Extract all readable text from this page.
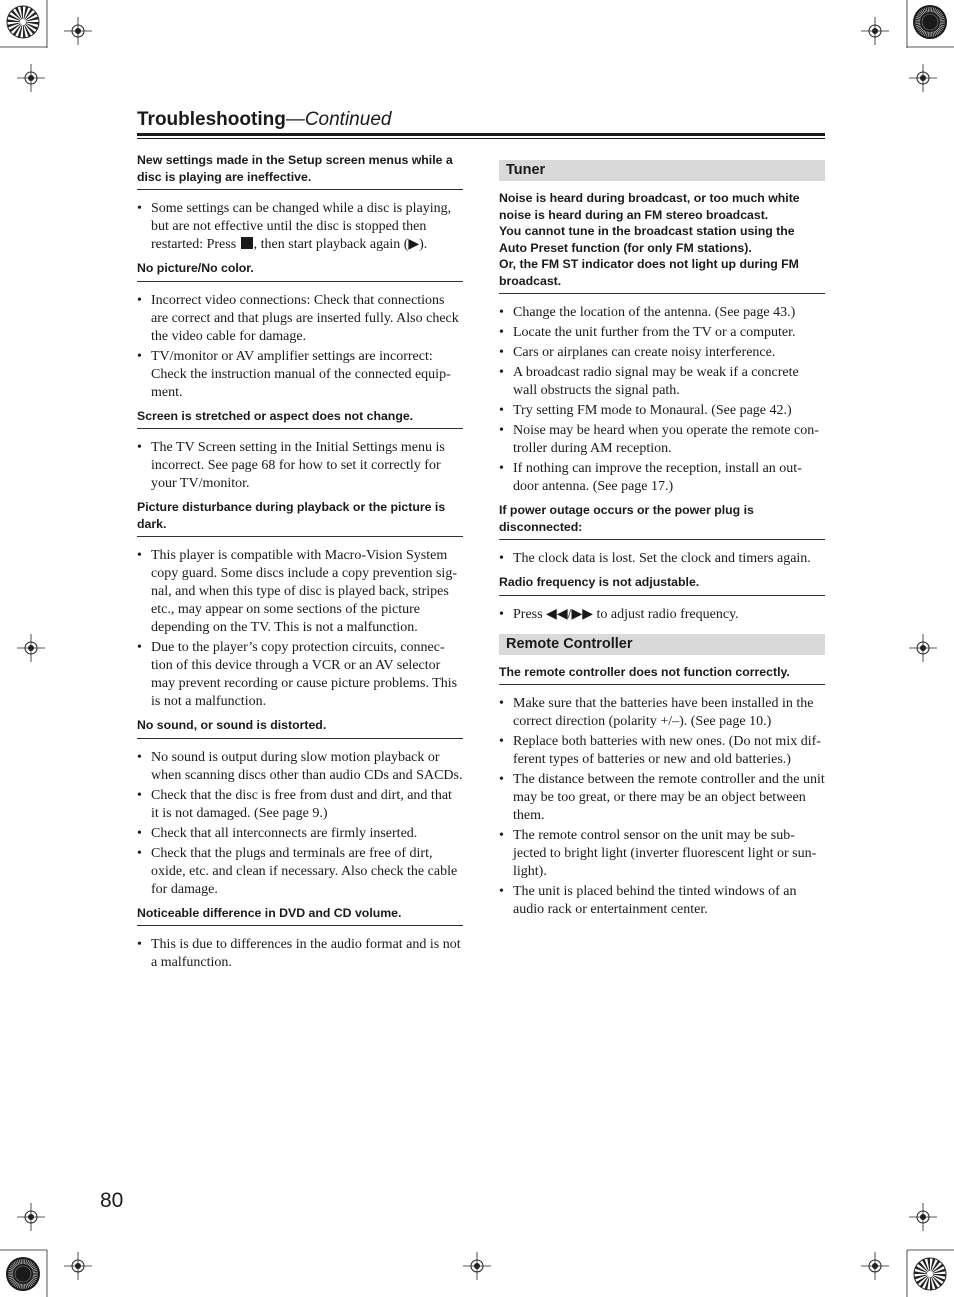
Troubleshooting—Continued
New settings made in the Setup screen menus while a disc is playing are ineffective.
• Some settings can be changed while a disc is playing, but are not effective until the disc is stopped then restarted: Press , then start playback again (▶).
No picture/No color.
• Incorrect video connections: Check that connections are correct and that plugs are inserted fully. Also check the video cable for damage.
• TV/monitor or AV amplifier settings are incorrect: Check the instruction manual of the connected equip-ment.
Screen is stretched or aspect does not change.
• The TV Screen setting in the Initial Settings menu is incorrect. See page 68 for how to set it correctly for your TV/monitor.
Picture disturbance during playback or the picture is dark.
• This player is compatible with Macro-Vision System copy guard. Some discs include a copy prevention sig-nal, and when this type of disc is played back, stripes etc., may appear on some sections of the picture depending on the TV. This is not a malfunction.
• Due to the player’s copy protection circuits, connec-tion of this device through a VCR or an AV selector may prevent recording or cause picture problems. This is not a malfunction.
No sound, or sound is distorted.
• No sound is output during slow motion playback or when scanning discs other than audio CDs and SACDs.
• Check that the disc is free from dust and dirt, and that it is not damaged. (See page 9.)
• Check that all interconnects are firmly inserted.
• Check that the plugs and terminals are free of dirt, oxide, etc. and clean if necessary. Also check the cable for damage.
Noticeable difference in DVD and CD volume.
• This is due to differences in the audio format and is not a malfunction.
Tuner
Noise is heard during broadcast, or too much white noise is heard during an FM stereo broadcast.
You cannot tune in the broadcast station using the Auto Preset function (for only FM stations).
Or, the FM ST indicator does not light up during FM broadcast.
• Change the location of the antenna. (See page 43.)
• Locate the unit further from the TV or a computer.
• Cars or airplanes can create noisy interference.
• A broadcast radio signal may be weak if a concrete wall obstructs the signal path.
• Try setting FM mode to Monaural. (See page 42.)
• Noise may be heard when you operate the remote con-troller during AM reception.
• If nothing can improve the reception, install an out-door antenna. (See page 17.)
If power outage occurs or the power plug is disconnected:
• The clock data is lost. Set the clock and timers again.
Radio frequency is not adjustable.
• Press ◀◀/▶▶ to adjust radio frequency.
Remote Controller
The remote controller does not function correctly.
• Make sure that the batteries have been installed in the correct direction (polarity +/–). (See page 10.)
• Replace both batteries with new ones. (Do not mix dif-ferent types of batteries or new and old batteries.)
• The distance between the remote controller and the unit may be too great, or there may be an object between them.
• The remote control sensor on the unit may be sub-jected to bright light (inverter fluorescent light or sun-light).
• The unit is placed behind the tinted windows of an audio rack or entertainment center.
80
